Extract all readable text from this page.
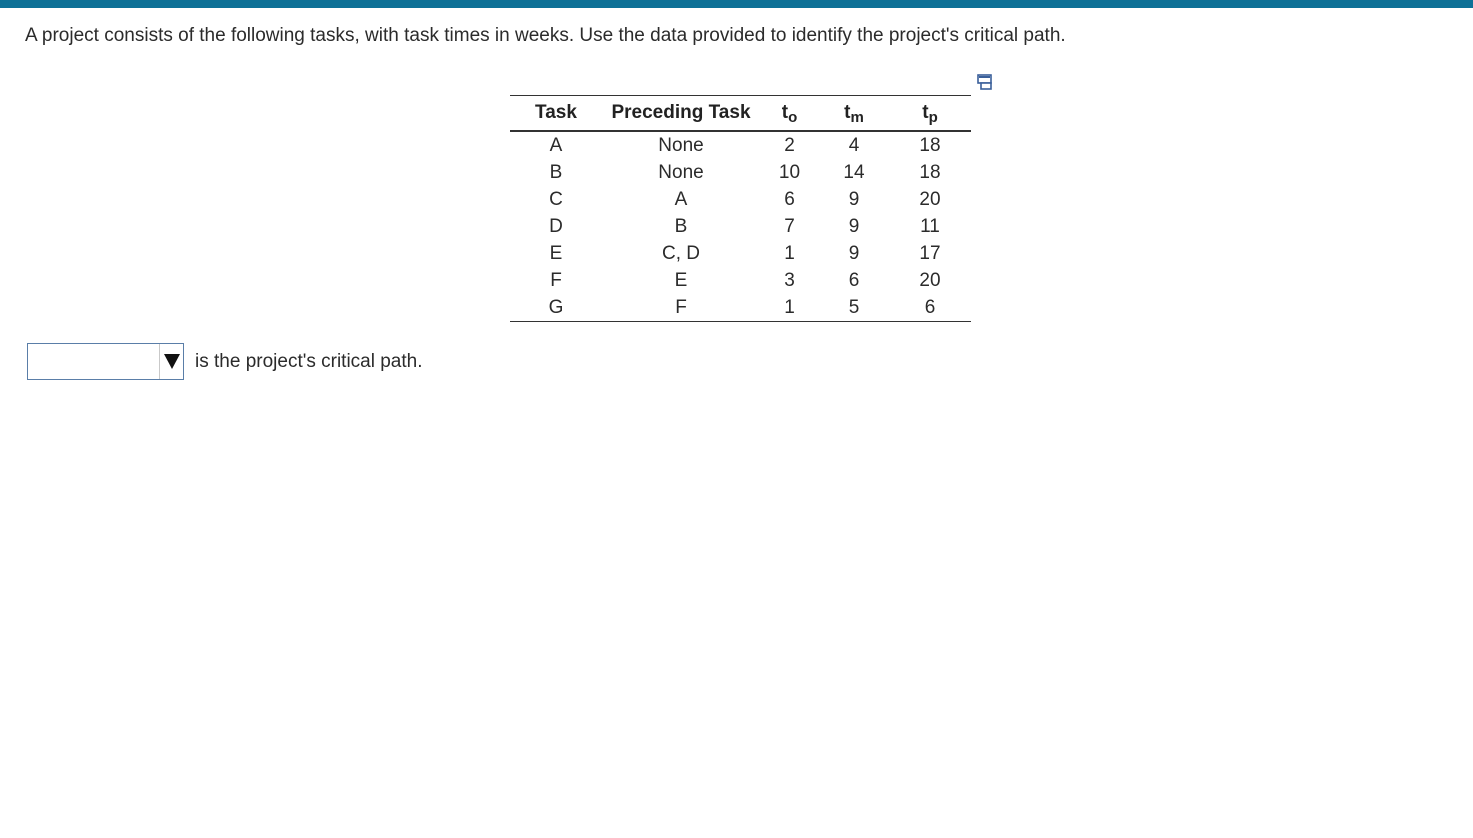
A project consists of the following tasks, with task times in weeks. Use the data provided to identify the project's critical path.
Task	Preceding Task	$t_o$	$t_m$	$t_p$
A	None	2	4	18
B	None	10	14	18
C	A	6	9	20
D	B	7	9	11
E	C, D	1	9	17
F	E	3	6	20
G	F	1	5	6
is the project's critical path.
